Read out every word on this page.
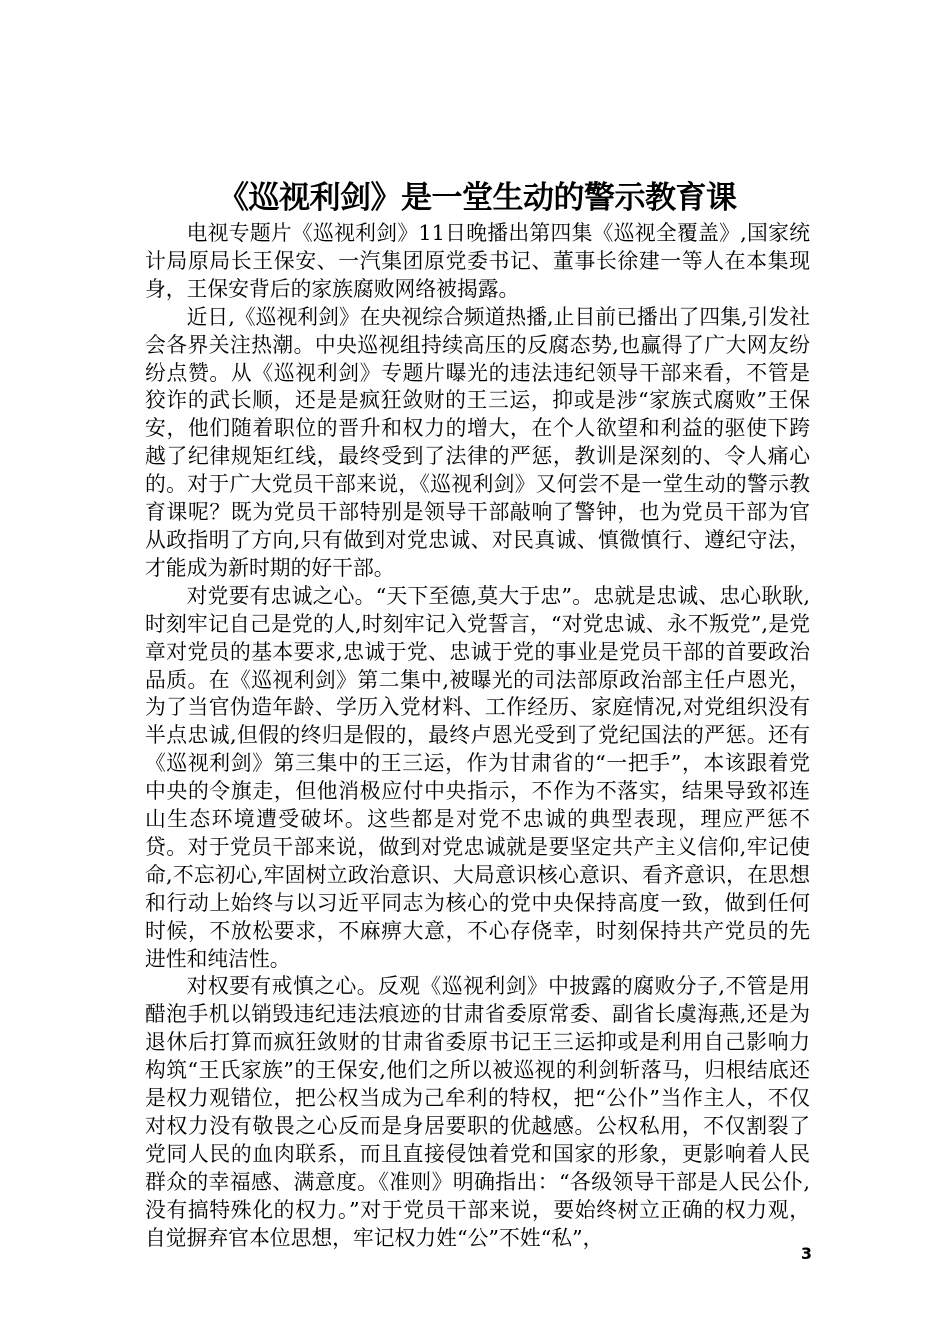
《巡视利剑》是一堂生动的警示教育课

电视专题片《巡视利剑》11日晚播出第四集《巡视全覆盖》,国家统计局原局长王保安、一汽集团原党委书记、董事长徐建一等人在本集现身，王保安背后的家族腐败网络被揭露。

近日,《巡视利剑》在央视综合频道热播,止目前已播出了四集,引发社会各界关注热潮。中央巡视组持续高压的反腐态势,也赢得了广大网友纷纷点赞。从《巡视利剑》专题片曝光的违法违纪领导干部来看，不管是狡诈的武长顺，还是是疯狂敛财的王三运，抑或是涉“家族式腐败”王保安，他们随着职位的晋升和权力的增大，在个人欲望和利益的驱使下跨越了纪律规矩红线，最终受到了法律的严惩，教训是深刻的、令人痛心的。对于广大党员干部来说，《巡视利剑》又何尝不是一堂生动的警示教育课呢？既为党员干部特别是领导干部敲响了警钟，也为党员干部为官从政指明了方向,只有做到对党忠诚、对民真诚、慎微慎行、遵纪守法，才能成为新时期的好干部。

对党要有忠诚之心。“天下至德,莫大于忠”。忠就是忠诚、忠心耿耿,时刻牢记自己是党的人,时刻牢记入党誓言，“对党忠诚、永不叛党”,是党章对党员的基本要求,忠诚于党、忠诚于党的事业是党员干部的首要政治品质。在《巡视利剑》第二集中,被曝光的司法部原政治部主任卢恩光，为了当官伪造年龄、学历入党材料、工作经历、家庭情况,对党组织没有半点忠诚,但假的终归是假的，最终卢恩光受到了党纪国法的严惩。还有《巡视利剑》第三集中的王三运，作为甘肃省的“一把手”，本该跟着党中央的令旗走，但他消极应付中央指示，不作为不落实，结果导致祁连山生态环境遭受破坏。这些都是对党不忠诚的典型表现，理应严惩不贷。对于党员干部来说，做到对党忠诚就是要坚定共产主义信仰,牢记使命,不忘初心,牢固树立政治意识、大局意识核心意识、看齐意识，在思想和行动上始终与以习近平同志为核心的党中央保持高度一致，做到任何时候，不放松要求，不麻痹大意，不心存侥幸，时刻保持共产党员的先进性和纯洁性。

对权要有戒慎之心。反观《巡视利剑》中披露的腐败分子,不管是用醋泡手机以销毁违纪违法痕迹的甘肃省委原常委、副省长虞海燕,还是为退休后打算而疯狂敛财的甘肃省委原书记王三运抑或是利用自己影响力构筑“王氏家族”的王保安,他们之所以被巡视的利剑斩落马，归根结底还是权力观错位，把公权当成为己牟利的特权，把“公仆”当作主人，不仅对权力没有敬畏之心反而是身居要职的优越感。公权私用，不仅割裂了党同人民的血肉联系，而且直接侵蚀着党和国家的形象，更影响着人民群众的幸福感、满意度。《准则》明确指出：“各级领导干部是人民公仆,没有搞特殊化的权力。”对于党员干部来说，要始终树立正确的权力观，自觉摒弃官本位思想，牢记权力姓“公”不姓“私”，

3
